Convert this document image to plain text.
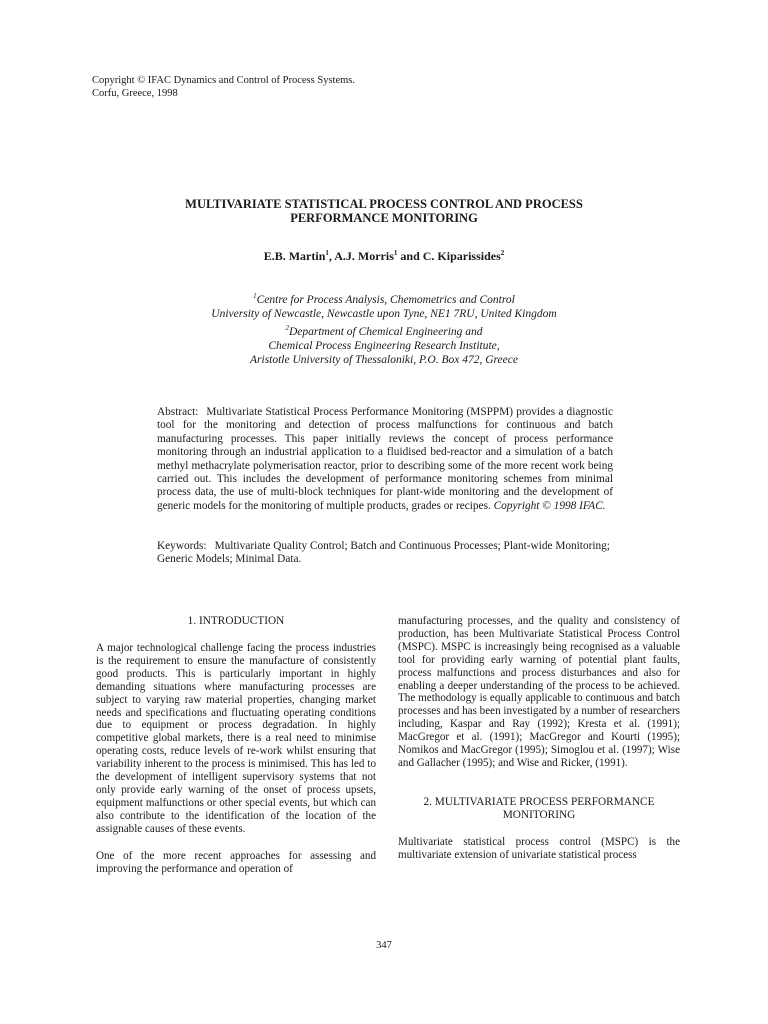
Copyright © IFAC Dynamics and Control of Process Systems.
Corfu, Greece, 1998
MULTIVARIATE STATISTICAL PROCESS CONTROL AND PROCESS
PERFORMANCE MONITORING
E.B. Martin$^1$, A.J. Morris$^1$ and C. Kiparissides$^2$
$^1$Centre for Process Analysis, Chemometrics and Control
University of Newcastle, Newcastle upon Tyne, NE1 7RU, United Kingdom
$^2$Department of Chemical Engineering and
Chemical Process Engineering Research Institute,
Aristotle University of Thessaloniki, P.O. Box 472, Greece
Abstract: Multivariate Statistical Process Performance Monitoring (MSPPM) provides a diagnostic tool for the monitoring and detection of process malfunctions for continuous and batch manufacturing processes. This paper initially reviews the concept of process performance monitoring through an industrial application to a fluidised bed-reactor and a simulation of a batch methyl methacrylate polymerisation reactor, prior to describing some of the more recent work being carried out. This includes the development of performance monitoring schemes from minimal process data, the use of multi-block techniques for plant-wide monitoring and the development of generic models for the monitoring of multiple products, grades or recipes. Copyright © 1998 IFAC.
Keywords: Multivariate Quality Control; Batch and Continuous Processes; Plant-wide Monitoring; Generic Models; Minimal Data.
1. INTRODUCTION

A major technological challenge facing the process industries is the requirement to ensure the manufacture of consistently good products. This is particularly important in highly demanding situations where manufacturing processes are subject to varying raw material properties, changing market needs and specifications and fluctuating operating conditions due to equipment or process degradation. In highly competitive global markets, there is a real need to minimise operating costs, reduce levels of re-work whilst ensuring that variability inherent to the process is minimised. This has led to the development of intelligent supervisory systems that not only provide early warning of the onset of process upsets, equipment malfunctions or other special events, but which can also contribute to the identification of the location of the assignable causes of these events.

One of the more recent approaches for assessing and improving the performance and operation of

manufacturing processes, and the quality and consistency of production, has been Multivariate Statistical Process Control (MSPC). MSPC is increasingly being recognised as a valuable tool for providing early warning of potential plant faults, process malfunctions and process disturbances and also for enabling a deeper understanding of the process to be achieved. The methodology is equally applicable to continuous and batch processes and has been investigated by a number of researchers including, Kaspar and Ray (1992); Kresta et al. (1991); MacGregor et al. (1991); MacGregor and Kourti (1995); Nomikos and MacGregor (1995); Simoglou et al. (1997); Wise and Gallacher (1995); and Wise and Ricker, (1991).

2. MULTIVARIATE PROCESS PERFORMANCE
MONITORING

Multivariate statistical process control (MSPC) is the multivariate extension of univariate statistical process

347
